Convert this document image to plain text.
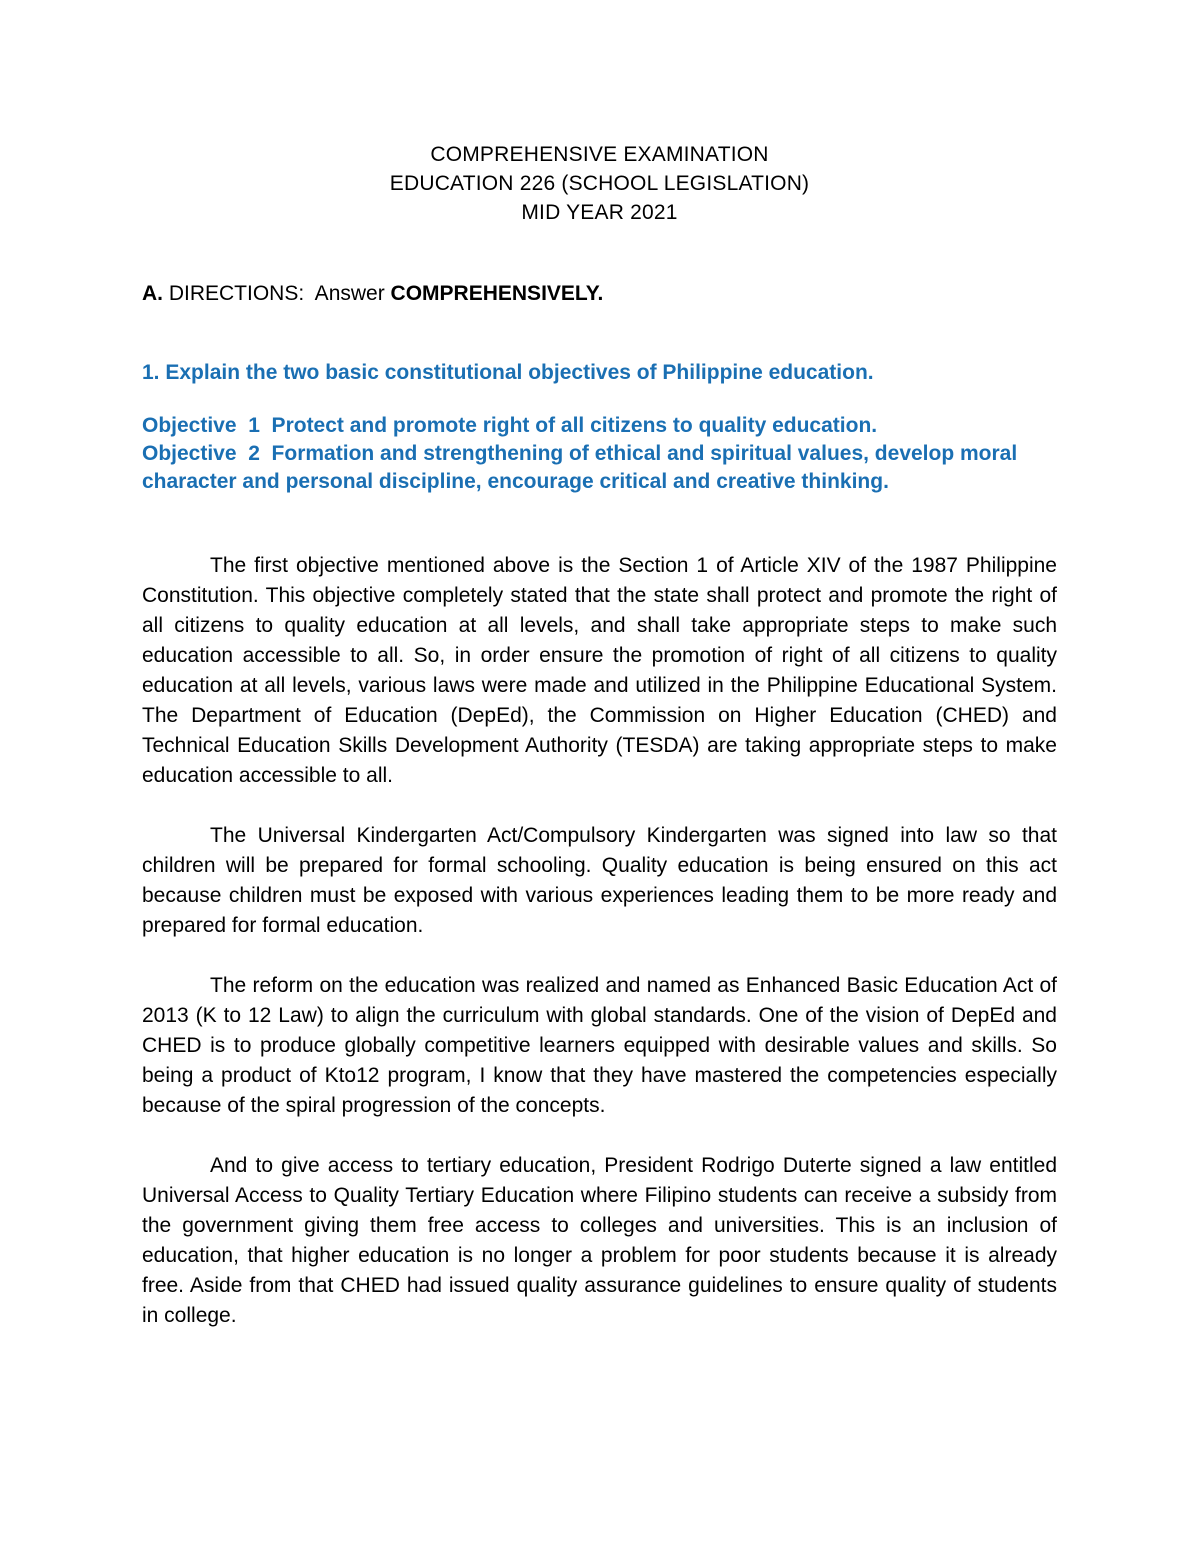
COMPREHENSIVE EXAMINATION
EDUCATION 226 (SCHOOL LEGISLATION)
MID YEAR 2021
A. DIRECTIONS:  Answer COMPREHENSIVELY.
1. Explain the two basic constitutional objectives of Philippine education.
Objective  1  Protect and promote right of all citizens to quality education.
Objective  2  Formation and strengthening of ethical and spiritual values, develop moral character and personal discipline, encourage critical and creative thinking.

The first objective mentioned above is the Section 1 of Article XIV of the 1987 Philippine Constitution. This objective completely stated that the state shall protect and promote the right of all citizens to quality education at all levels, and shall take appropriate steps to make such education accessible to all. So, in order ensure the promotion of right of all citizens to quality education at all levels, various laws were made and utilized in the Philippine Educational System. The Department of Education (DepEd), the Commission on Higher Education (CHED) and Technical Education Skills Development Authority (TESDA) are taking appropriate steps to make education accessible to all.

The Universal Kindergarten Act/Compulsory Kindergarten was signed into law so that children will be prepared for formal schooling. Quality education is being ensured on this act because children must be exposed with various experiences leading them to be more ready and prepared for formal education.

The reform on the education was realized and named as Enhanced Basic Education Act of 2013 (K to 12 Law) to align the curriculum with global standards. One of the vision of DepEd and CHED is to produce globally competitive learners equipped with desirable values and skills. So being a product of Kto12 program, I know that they have mastered the competencies especially because of the spiral progression of the concepts.

And to give access to tertiary education, President Rodrigo Duterte signed a law entitled Universal Access to Quality Tertiary Education where Filipino students can receive a subsidy from the government giving them free access to colleges and universities. This is an inclusion of education, that higher education is no longer a problem for poor students because it is already free. Aside from that CHED had issued quality assurance guidelines to ensure quality of students in college.
